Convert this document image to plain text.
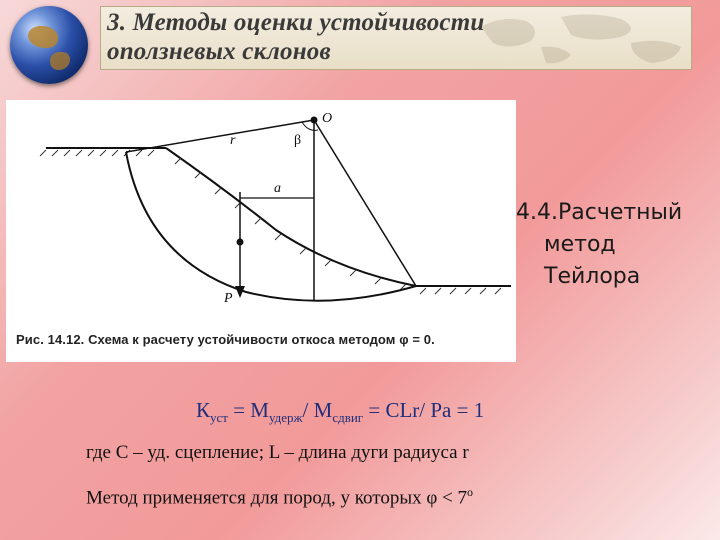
3. Методы оценки устойчивости
оползневых склонов
O
r	β
a
P
Рис. 14.12. Схема к расчету устойчивости откоса методом φ = 0.
4.4.Расчетный
метод
Тейлора
$К_{уст} = M_{удерж}/$ $M_{сдвиг} = CLr/$ Pa = 1
где С – уд. сцепление; L – длина дуги радиуса r
Метод применяется для пород, у которых $\varphi < 7^о$
